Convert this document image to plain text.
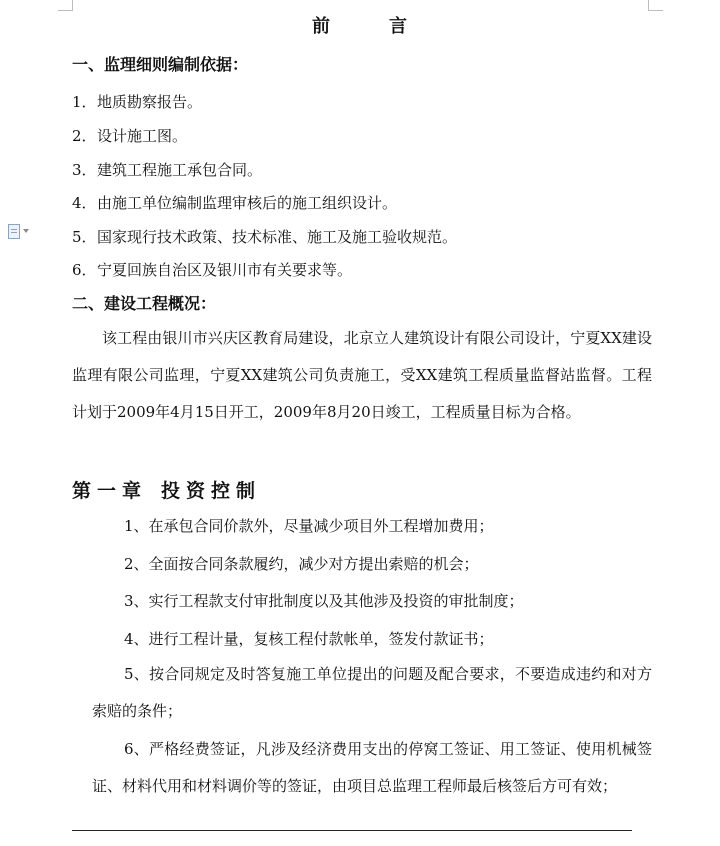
前	言
一、监理细则编制依据：
1．地质勘察报告。
2．设计施工图。
3．建筑工程施工承包合同。
4．由施工单位编制监理审核后的施工组织设计。
5．国家现行技术政策、技术标准、施工及施工验收规范。
6．宁夏回族自治区及银川市有关要求等。
二、建设工程概况：

该工程由银川市兴庆区教育局建设，北京立人建筑设计有限公司设计，宁夏XX建设监理有限公司监理，宁夏XX建筑公司负责施工，受XX建筑工程质量监督站监督。工程计划于2009年4月15日开工，2009年8月20日竣工，工程质量目标为合格。

第一章 投资控制
1、在承包合同价款外，尽量减少项目外工程增加费用；
2、全面按合同条款履约，减少对方提出索赔的机会；
3、实行工程款支付审批制度以及其他涉及投资的审批制度；
4、进行工程计量，复核工程付款帐单，签发付款证书；

5、按合同规定及时答复施工单位提出的问题及配合要求，不要造成违约和对方索赔的条件；

6、严格经费签证，凡涉及经济费用支出的停窝工签证、用工签证、使用机械签证、材料代用和材料调价等的签证，由项目总监理工程师最后核签后方可有效；
